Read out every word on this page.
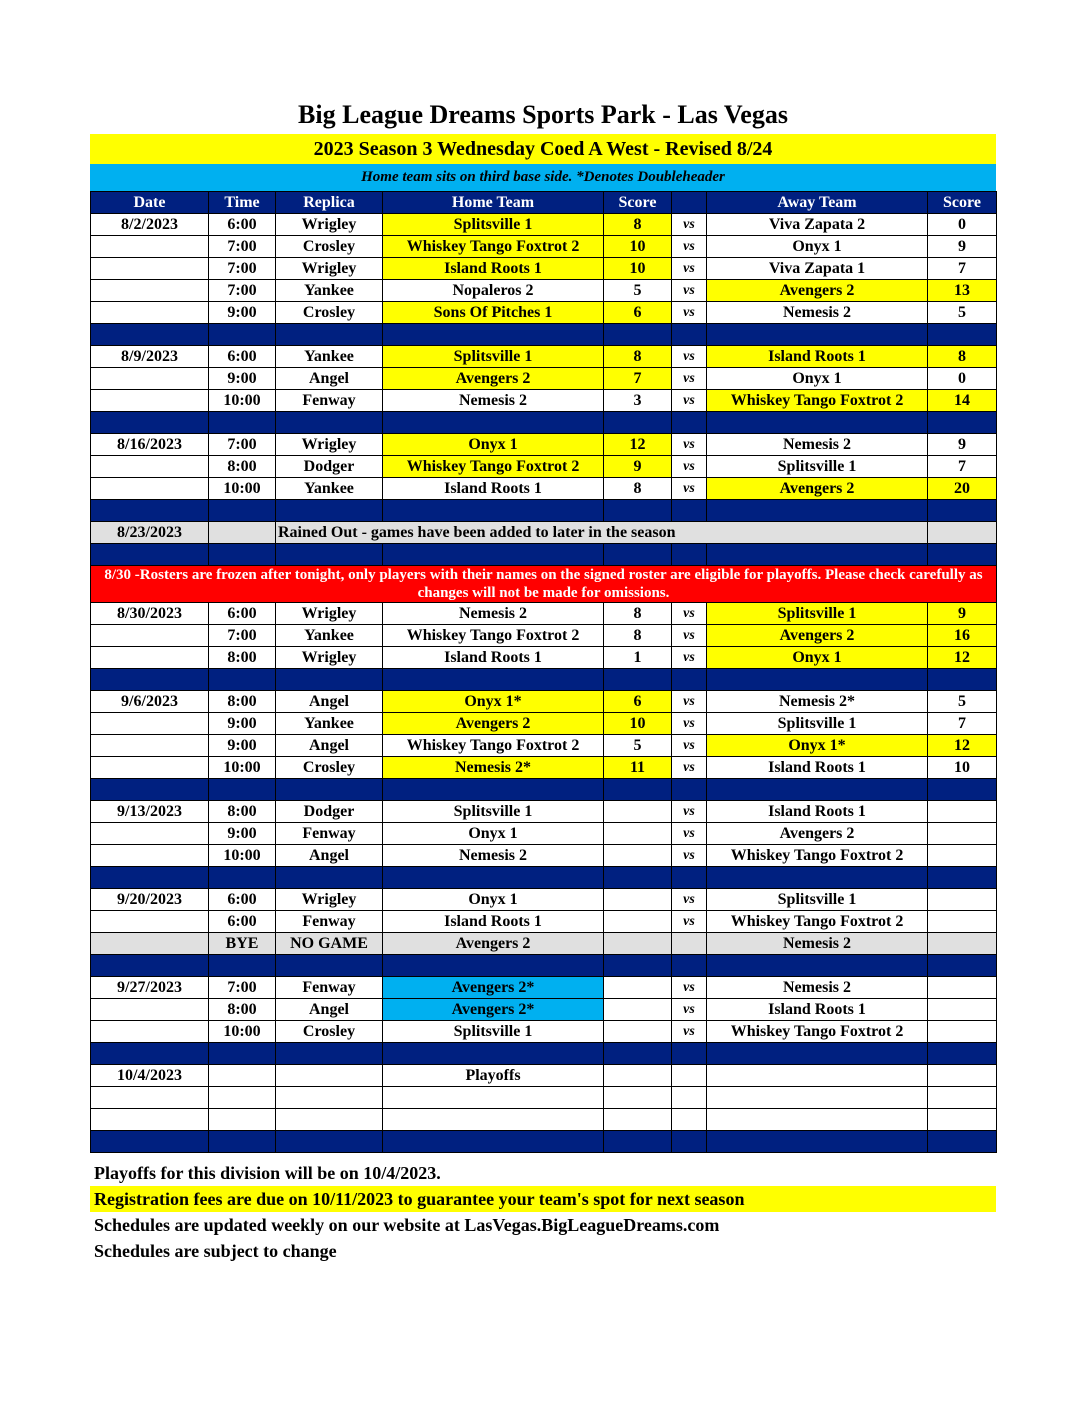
Big League Dreams Sports Park - Las Vegas
2023 Season 3 Wednesday Coed A West - Revised 8/24
Home team sits on third base side. *Denotes Doubleheader
Date	Time	Replica	Home Team	Score		Away Team	Score
8/2/2023	6:00	Wrigley	Splitsville 1	8	vs	Viva Zapata 2	0
	7:00	Crosley	Whiskey Tango Foxtrot 2	10	vs	Onyx 1	9
	7:00	Wrigley	Island Roots 1	10	vs	Viva Zapata 1	7
	7:00	Yankee	Nopaleros 2	5	vs	Avengers 2	13
	9:00	Crosley	Sons Of Pitches 1	6	vs	Nemesis 2	5

8/9/2023	6:00	Yankee	Splitsville 1	8	vs	Island Roots 1	8
	9:00	Angel	Avengers 2	7	vs	Onyx 1	0
	10:00	Fenway	Nemesis 2	3	vs	Whiskey Tango Foxtrot 2	14

8/16/2023	7:00	Wrigley	Onyx 1	12	vs	Nemesis 2	9
	8:00	Dodger	Whiskey Tango Foxtrot 2	9	vs	Splitsville 1	7
	10:00	Yankee	Island Roots 1	8	vs	Avengers 2	20

8/23/2023		Rained Out - games have been added to later in the season					

8/30 -Rosters are frozen after tonight, only players with their names on the signed roster are eligible for playoffs. Please check carefully as changes will not be made for omissions.							
8/30/2023	6:00	Wrigley	Nemesis 2	8	vs	Splitsville 1	9
	7:00	Yankee	Whiskey Tango Foxtrot 2	8	vs	Avengers 2	16
	8:00	Wrigley	Island Roots 1	1	vs	Onyx 1	12

9/6/2023	8:00	Angel	Onyx 1*	6	vs	Nemesis 2*	5
	9:00	Yankee	Avengers 2	10	vs	Splitsville 1	7
	9:00	Angel	Whiskey Tango Foxtrot 2	5	vs	Onyx 1*	12
	10:00	Crosley	Nemesis 2*	11	vs	Island Roots 1	10

9/13/2023	8:00	Dodger	Splitsville 1		vs	Island Roots 1	
	9:00	Fenway	Onyx 1		vs	Avengers 2	
	10:00	Angel	Nemesis 2		vs	Whiskey Tango Foxtrot 2	

9/20/2023	6:00	Wrigley	Onyx 1		vs	Splitsville 1	
	6:00	Fenway	Island Roots 1		vs	Whiskey Tango Foxtrot 2	
	BYE	NO GAME	Avengers 2			Nemesis 2	

9/27/2023	7:00	Fenway	Avengers 2*		vs	Nemesis 2	
	8:00	Angel	Avengers 2*		vs	Island Roots 1	
	10:00	Crosley	Splitsville 1		vs	Whiskey Tango Foxtrot 2	

10/4/2023			Playoffs				

Playoffs for this division will be on 10/4/2023.
Registration fees are due on 10/11/2023 to guarantee your team's spot for next season
Schedules are updated weekly on our website at LasVegas.BigLeagueDreams.com
Schedules are subject to change
